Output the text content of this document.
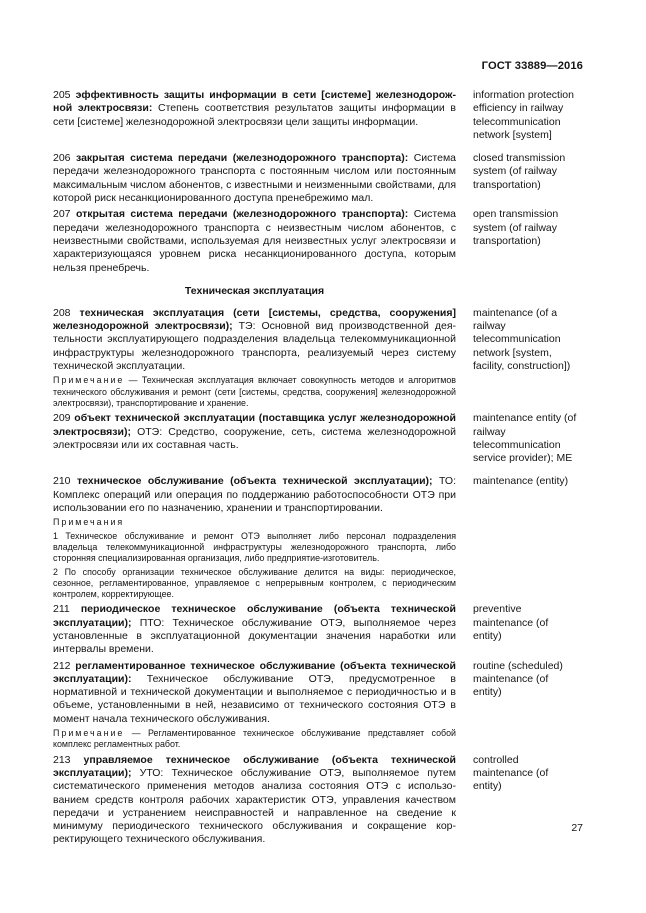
ГОСТ 33889—2016
205 эффективность защиты информации в сети [системе] железнодорожной электросвязи: Степень соответствия результатов защиты информации в сети [системе] железнодорожной электросвязи цели защиты информации.
information protection efficiency in railway telecommunication network [system]
206 закрытая система передачи (железнодорожного транспорта): Система передачи железнодорожного транспорта с постоянным числом или постоянным максимальным числом абонентов, с известными и неизменными свойствами, для которой риск несанкционированного доступа пренебрежимо мал.
closed transmission system (of railway transportation)
207 открытая система передачи (железнодорожного транспорта): Система передачи железнодорожного транспорта с неизвестным числом абонентов, с неизвестными свойствами, используемая для неизвестных услуг электросвязи и характеризующаяся уровнем риска несанкционированного доступа, которым нельзя пренебречь.
open transmission system (of railway transportation)
Техническая эксплуатация
208 техническая эксплуатация (сети [системы, средства, сооружения] железнодорожной электросвязи); ТЭ: Основной вид производственной деятельности эксплуатирующего подразделения владельца телекоммуникационной инфраструктуры железнодорожного транспорта, реализуемый через систему технической эксплуатации.
Примечание — Техническая эксплуатация включает совокупность методов и алгоритмов технического обслуживания и ремонт (сети [системы, средства, сооружения] железнодорожной электросвязи), транспортирование и хранение.
maintenance (of a railway telecommunication network [system, facility, construction])
209 объект технической эксплуатации (поставщика услуг железнодорожной электросвязи); ОТЭ: Средство, сооружение, сеть, система железнодорожной электросвязи или их составная часть.
maintenance entity (of railway telecommunication service provider); ME
210 техническое обслуживание (объекта технической эксплуатации); ТО: Комплекс операций или операция по поддержанию работоспособности ОТЭ при использовании его по назначению, хранении и транспортировании.
Примечания
1 Техническое обслуживание и ремонт ОТЭ выполняет либо персонал подразделения владельца телекоммуникационной инфраструктуры железнодорожного транспорта, либо сторонняя специализированная организация, либо предприятие-изготовитель.
2 По способу организации техническое обслуживание делится на виды: периодическое, сезонное, регламентированное, управляемое с непрерывным контролем, с периодическим контролем, корректирующее.
maintenance (entity)
211 периодическое техническое обслуживание (объекта технической эксплуатации); ПТО: Техническое обслуживание ОТЭ, выполняемое через установленные в эксплуатационной документации значения наработки или интервалы времени.
preventive maintenance (of entity)
212 регламентированное техническое обслуживание (объекта технической эксплуатации): Техническое обслуживание ОТЭ, предусмотренное в нормативной и технической документации и выполняемое с периодичностью и в объеме, установленными в ней, независимо от технического состояния ОТЭ в момент начала технического обслуживания.
Примечание — Регламентированное техническое обслуживание представляет собой комплекс регламентных работ.
routine (scheduled) maintenance (of entity)
213 управляемое техническое обслуживание (объекта технической эксплуатации); УТО: Техническое обслуживание ОТЭ, выполняемое путем систематического применения методов анализа состояния ОТЭ с использованием средств контроля рабочих характеристик ОТЭ, управления качеством передачи и устранением неисправностей и направленное на сведение к минимуму периодического технического обслуживания и сокращение корректирующего технического обслуживания.
controlled maintenance (of entity)
27
